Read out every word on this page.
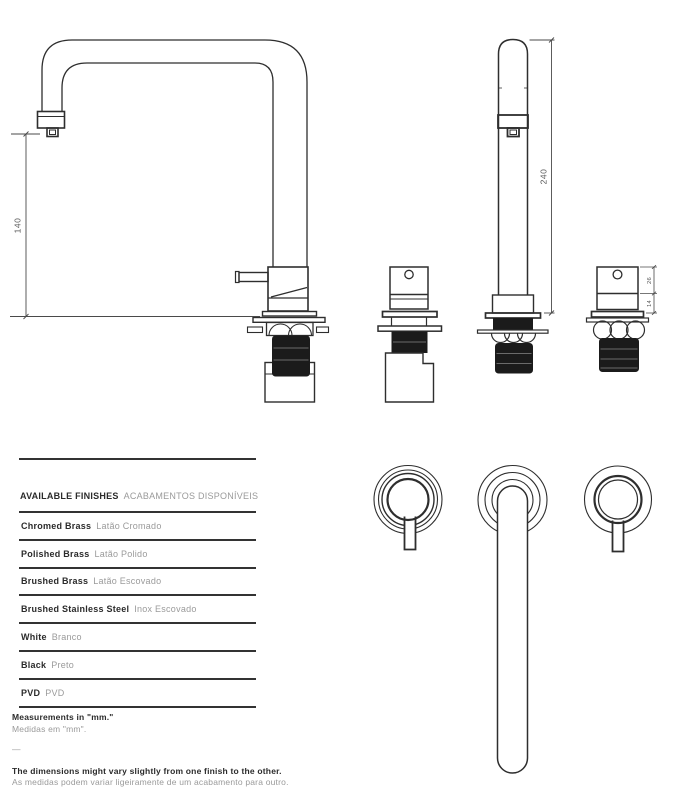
140
240
26
14
AVAILABLE FINISHES ACABAMENTOS DISPONÍVEIS
Chromed Brass Latão Cromado
Polished Brass Latão Polido
Brushed Brass Latão Escovado
Brushed Stainless Steel Inox Escovado
White Branco
Black Preto
PVD PVD

Measurements in "mm."

Medidas em "mm".

—

The dimensions might vary slightly from one finish to the other.

As medidas podem variar ligeiramente de um acabamento para outro.
